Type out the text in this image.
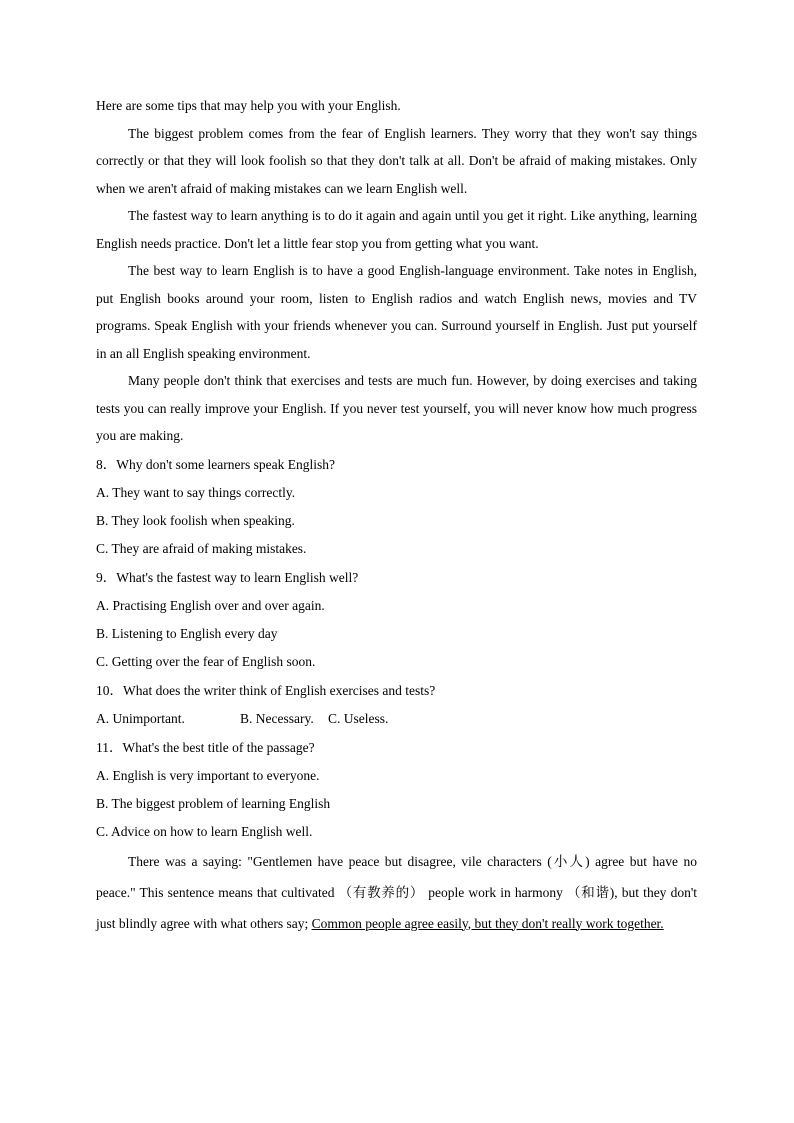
Here are some tips that may help you with your English.

The biggest problem comes from the fear of English learners. They worry that they won't say things correctly or that they will look foolish so that they don't talk at all. Don't be afraid of making mistakes. Only when we aren't afraid of making mistakes can we learn English well.

The fastest way to learn anything is to do it again and again until you get it right. Like anything, learning English needs practice. Don't let a little fear stop you from getting what you want.

The best way to learn English is to have a good English-language environment. Take notes in English, put English books around your room, listen to English radios and watch English news, movies and TV programs. Speak English with your friends whenever you can. Surround yourself in English. Just put yourself in an all English speaking environment.

Many people don't think that exercises and tests are much fun. However, by doing exercises and taking tests you can really improve your English. If you never test yourself, you will never know how much progress you are making.

8．Why don't some learners speak English?

A. They want to say things correctly.

B. They look foolish when speaking.

C. They are afraid of making mistakes.

9．What's the fastest way to learn English well?

A. Practising English over and over again.

B. Listening to English every day

C. Getting over the fear of English soon.

10．What does the writer think of English exercises and tests?

A. Unimportant.	B. Necessary. C. Useless.

11．What's the best title of the passage?

A. English is very important to everyone.

B. The biggest problem of learning English

C. Advice on how to learn English well.

There was a saying: "Gentlemen have peace but disagree, vile characters (小人) agree but have no peace." This sentence means that cultivated （有教养的） people work in harmony （和谐), but they don't just blindly agree with what others say; Common people agree easily, but they don't really work together.
